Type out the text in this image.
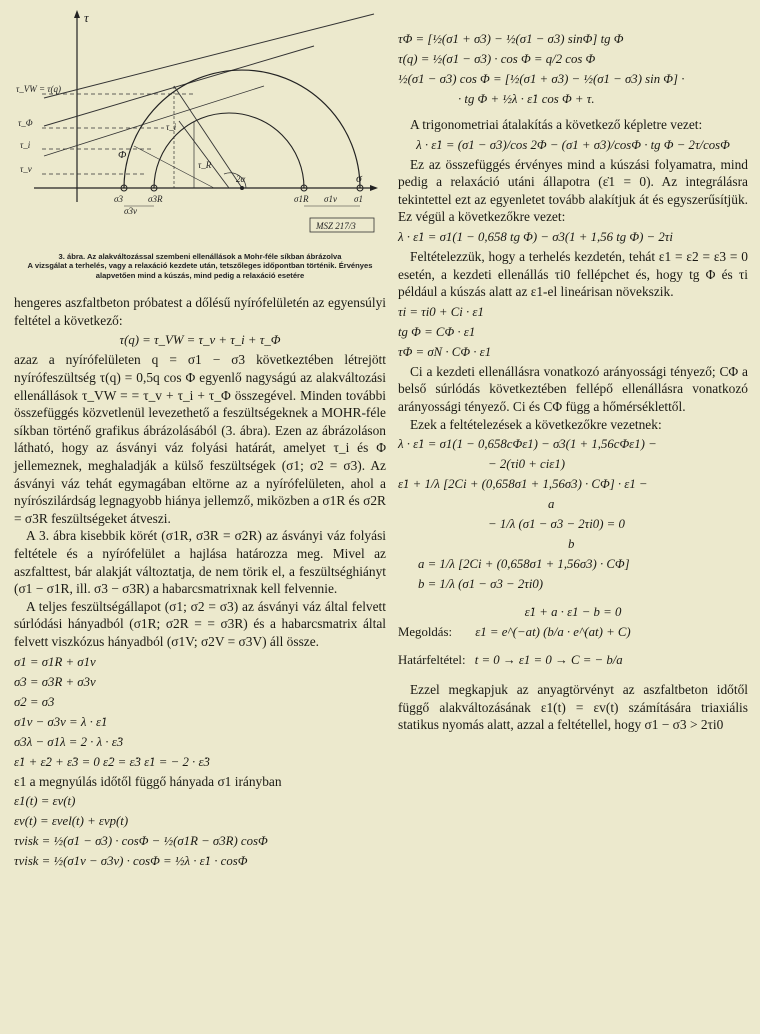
τ
σ
2α
τ_VW = τ(q)
τ_Φ
τ_i
τ_v
Φ
τ_i
τ_R
σ3	σ3R
σ3v
σ1R σ1v σ1
MSZ 217/3
3. ábra. Az alakváltozással szembeni ellenállások a Mohr-féle síkban ábrázolva
A vizsgálat a terhelés, vagy a relaxáció kezdete után, tetszőleges időpontban történik. Érvényes alapvetően mind a kúszás, mind pedig a relaxáció esetére

hengeres aszfaltbeton próbatest a dőlésű nyírófelületén az egyensúlyi feltétel a következő:

τ(q) = τ_VW = τ_v + τ_i + τ_Φ

azaz a nyírófelületen q = σ1 − σ3 következtében létrejött nyírófeszültség τ(q) = 0,5q cos Φ egyenlő nagyságú az alakváltozási ellenállások τ_VW = = τ_v + τ_i + τ_Φ összegével. Minden további összefüggés közvetlenül levezethető a feszültségeknek a MOHR-féle síkban történő grafikus ábrázolásából (3. ábra). Ezen az ábrázoláson látható, hogy az ásványi váz folyási határát, amelyet τ_i és Φ jellemeznek, meghaladják a külső feszültségek (σ1; σ2 = σ3). Az ásványi váz tehát egymagában eltörne az a nyírófelületen, ahol a nyírószilárdság legnagyobb hiánya jellemző, miközben a σ1R és σ2R = σ3R feszültségeket átveszi.

A 3. ábra kisebbik körét (σ1R, σ3R = σ2R) az ásványi váz folyási feltétele és a nyírófelület a hajlása határozza meg. Mivel az aszfalttest, bár alakját változtatja, de nem törik el, a feszültséghiányt (σ1 − σ1R, ill. σ3 − σ3R) a habarcsmatrixnak kell felvennie.

A teljes feszültségállapot (σ1; σ2 = σ3) az ásványi váz által felvett súrlódási hányadból (σ1R; σ2R = = σ3R) és a habarcsmatrix által felvett viszkózus hányadból (σ1V; σ2V = σ3V) áll össze.

σ1 = σ1R + σ1v
σ3 = σ3R + σ3v
σ2 = σ3
σ1v − σ3v = λ · ε̇1
σ3λ − σ1λ = 2 · λ · ε̇3
ε̇1 + ε̇2 + ε̇3 = 0 ε̇2 = ε̇3 ε̇1 = − 2 · ε̇3

ε1 a megnyúlás időtől függő hányada σ1 irányban

ε1(t) = εv(t)
εv(t) = εvel(t) + εvp(t)
τvisk = ½(σ1 − σ3) · cosΦ − ½(σ1R − σ3R) cosΦ
τvisk = ½(σ1v − σ3v) · cosΦ = ½λ · ε̇1 · cosΦ
τΦ = [½(σ1 + σ3) − ½(σ1 − σ3) sinΦ] tg Φ
τ(q) = ½(σ1 − σ3) · cos Φ = q/2 cos Φ
½(σ1 − σ3) cos Φ = [½(σ1 + σ3) − ½(σ1 − σ3) sin Φ] ·
· tg Φ + ½λ · ε̇1 cos Φ + τ.

A trigonometriai átalakítás a következő képletre vezet:

λ · ε̇1 = (σ1 − σ3)/cos 2Φ − (σ1 + σ3)/cosΦ · tg Φ − 2τ/cosΦ

Ez az összefüggés érvényes mind a kúszási folyamatra, mind pedig a relaxáció utáni állapotra (ε̇1 = 0). Az integrálásra tekintettel ezt az egyenletet tovább alakítjuk át és egyszerűsítjük. Ez végül a következőkre vezet:

λ · ε̇1 = σ1(1 − 0,658 tg Φ) − σ3(1 + 1,56 tg Φ) − 2τi

Feltételezzük, hogy a terhelés kezdetén, tehát ε1 = ε2 = ε3 = 0 esetén, a kezdeti ellenállás τi0 fellépchet és, hogy tg Φ és τi például a kúszás alatt az ε1-el lineárisan növekszik.

τi = τi0 + Ci · ε1
tg Φ = CΦ · ε1
τΦ = σN · CΦ · ε1

Ci a kezdeti ellenállásra vonatkozó arányossági tényező; CΦ a belső súrlódás következtében fellépő ellenállásra vonatkozó arányossági tényező. Ci és CΦ függ a hőmérséklettől.

Ezek a feltételezések a következőkre vezetnek:

λ · ε̇1 = σ1(1 − 0,658cΦε1) − σ3(1 + 1,56cΦε1) −
− 2(τi0 + ciε1)
ε̇1 + 1/λ [2Ci + (0,658σ1 + 1,56σ3) · CΦ] · ε1 −
a
− 1/λ (σ1 − σ3 − 2τi0) = 0
b
a = 1/λ [2Ci + (0,658σ1 + 1,56σ3) · CΦ]
b = 1/λ (σ1 − σ3 − 2τi0)
ε̇1 + a · ε1 − b = 0
Megoldás: ε1 = e^(−at) (b/a · e^(at) + C)
Határfeltétel: t = 0 → ε1 = 0 → C = − b/a

Ezzel megkapjuk az anyagtörvényt az aszfaltbeton időtől függő alakváltozásának ε1(t) = εv(t) számítására triaxiális statikus nyomás alatt, azzal a feltétellel, hogy σ1 − σ3 > 2τi0
